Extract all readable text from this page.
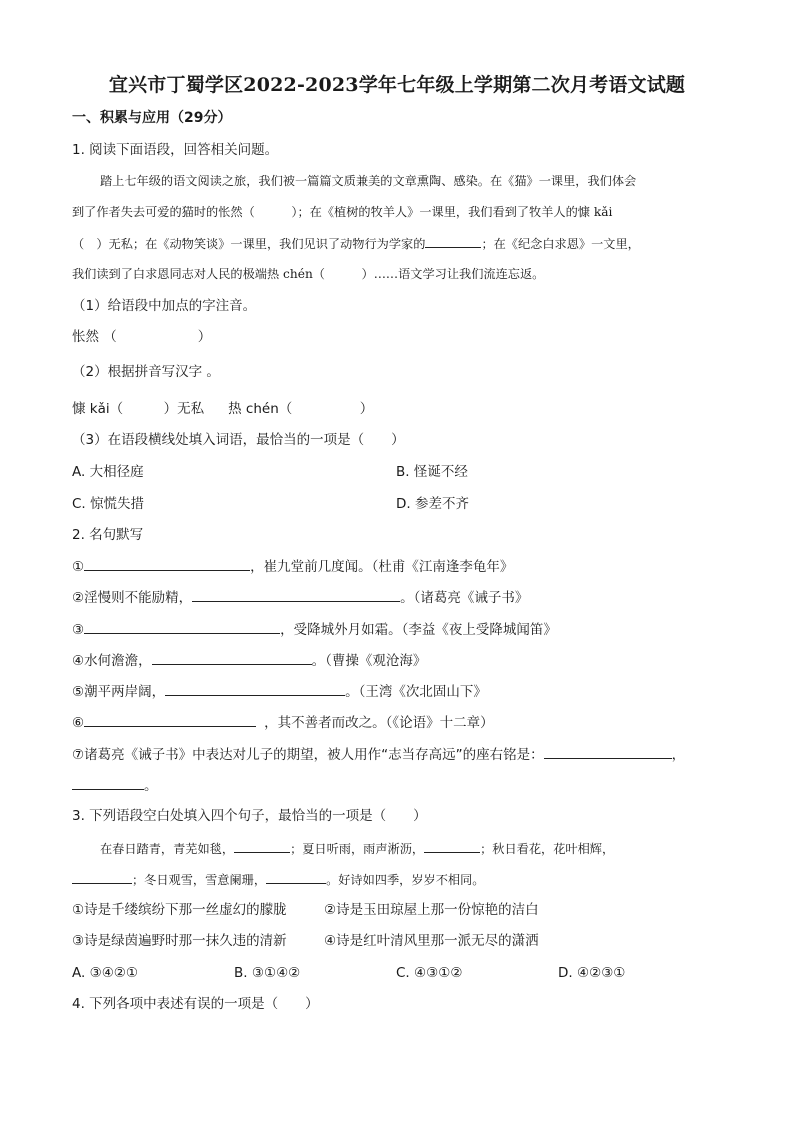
宜兴市丁蜀学区2022-2023学年七年级上学期第二次月考语文试题
一、积累与应用（29分）
1. 阅读下面语段，回答相关问题。
踏上七年级的语文阅读之旅，我们被一篇篇文质兼美的文章熏陶、感染。在《猫》一课里，我们体会
到了作者失去可爱的猫时的怅然（　　　）；在《植树的牧羊人》一课里，我们看到了牧羊人的慷 kǎi
（　）无私；在《动物笑谈》一课里，我们见识了动物行为学家的	；在《纪念白求恩》一文里，
我们读到了白求恩同志对人民的极端热 chén（　　　）……语文学习让我们流连忘返。
（1）给语段中加点的字注音。
怅然 （　　　　　　）
（2）根据拼音写汉字 。
慷 kǎi（　　　）无私 热 chén（　　　　　）
（3）在语段横线处填入词语，最恰当的一项是（　　）
A. 大相径庭	B. 怪诞不经
C. 惊慌失措	D. 参差不齐
2. 名句默写
①	，崔九堂前几度闻。（杜甫《江南逢李龟年》
②淫慢则不能励精，	。（诸葛亮《诫子书》
③	，受降城外月如霜。（李益《夜上受降城闻笛》
④水何澹澹，	。（曹操《观沧海》
⑤潮平两岸阔，	。（王湾《次北固山下》
⑥	，其不善者而改之。（《论语》十二章）
⑦诸葛亮《诫子书》中表达对儿子的期望，被人用作“志当存高远”的座右铭是：	，
。
3. 下列语段空白处填入四个句子，最恰当的一项是（　　）
在春日踏青，青芜如毯，	；夏日听雨，雨声淅沥，	；秋日看花，花叶相辉，
；冬日观雪，雪意阑珊，	。好诗如四季，岁岁不相同。
①诗是千缕缤纷下那一丝虚幻的朦胧	②诗是玉田琼屋上那一份惊艳的洁白
③诗是绿茵遍野时那一抹久违的清新	④诗是红叶清风里那一派无尽的潇洒
A. ③④②①	B. ③①④②	C. ④③①②	D. ④②③①
4. 下列各项中表述有误的一项是（　　）
